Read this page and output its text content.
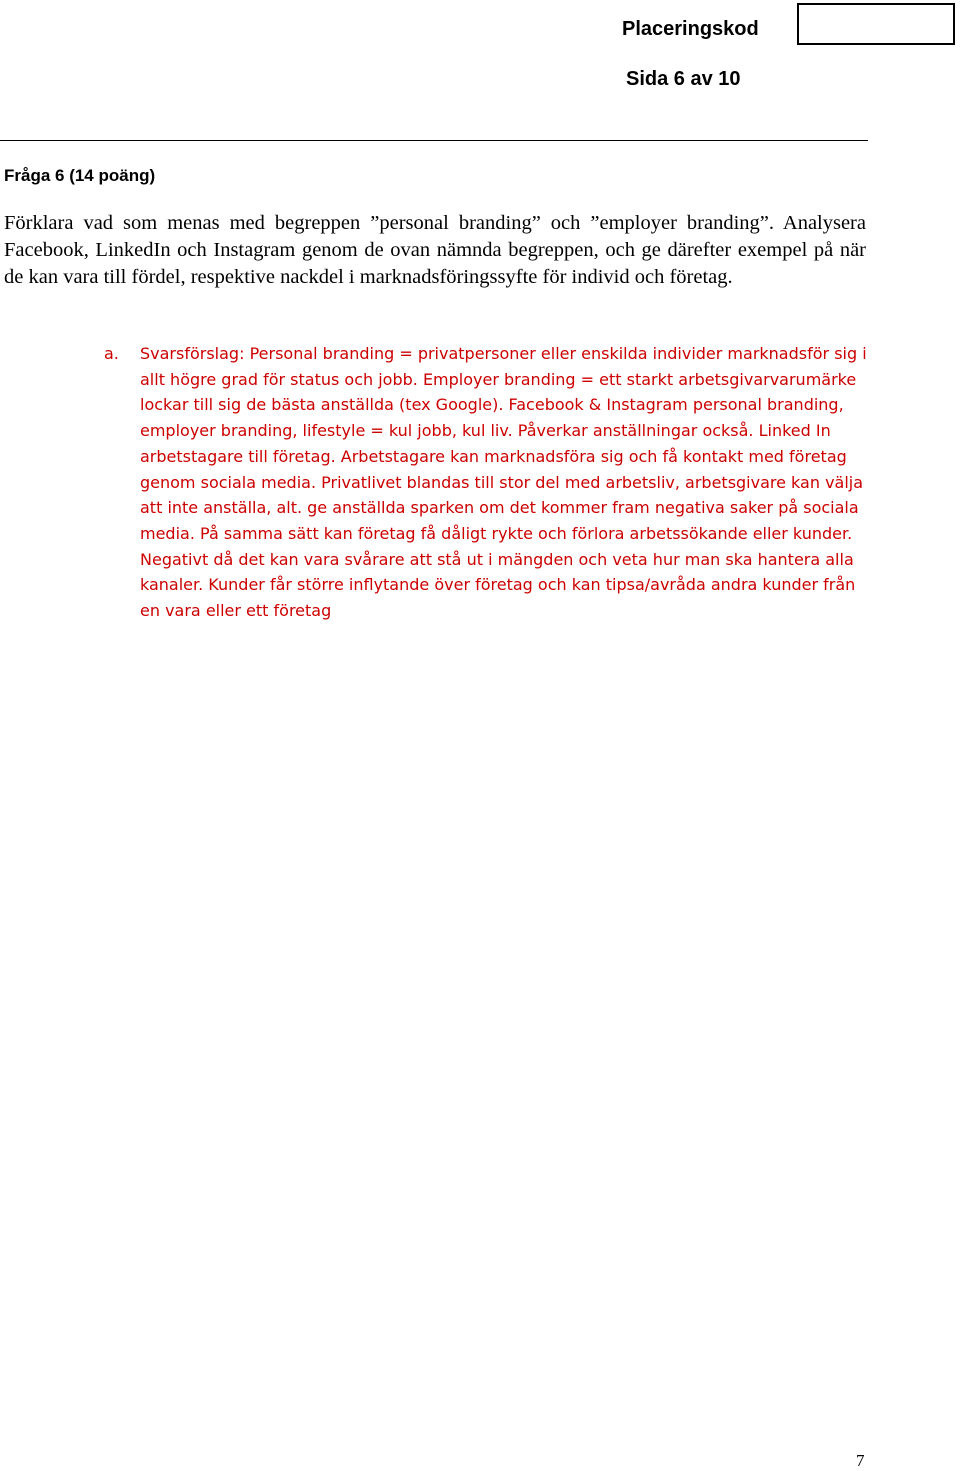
Placeringskod
Sida 6 av 10
Fråga 6 (14 poäng)
Förklara vad som menas med begreppen ”personal branding” och ”employer branding”. Analysera Facebook, LinkedIn och Instagram genom de ovan nämnda begreppen, och ge därefter exempel på när de kan vara till fördel, respektive nackdel i marknadsföringssyfte för individ och företag.
a.	Svarsförslag: Personal branding = privatpersoner eller enskilda individer marknadsför sig i allt högre grad för status och jobb. Employer branding = ett starkt arbetsgivarvarumärke lockar till sig de bästa anställda (tex Google). Facebook & Instagram personal branding, employer branding, lifestyle = kul jobb, kul liv. Påverkar anställningar också. Linked In arbetstagare till företag. Arbetstagare kan marknadsföra sig och få kontakt med företag genom sociala media. Privatlivet blandas till stor del med arbetsliv, arbetsgivare kan välja att inte anställa, alt. ge anställda sparken om det kommer fram negativa saker på sociala media. På samma sätt kan företag få dåligt rykte och förlora arbetssökande eller kunder. Negativt då det kan vara svårare att stå ut i mängden och veta hur man ska hantera alla kanaler. Kunder får större inflytande över företag och kan tipsa/avråda andra kunder från en vara eller ett företag
7
